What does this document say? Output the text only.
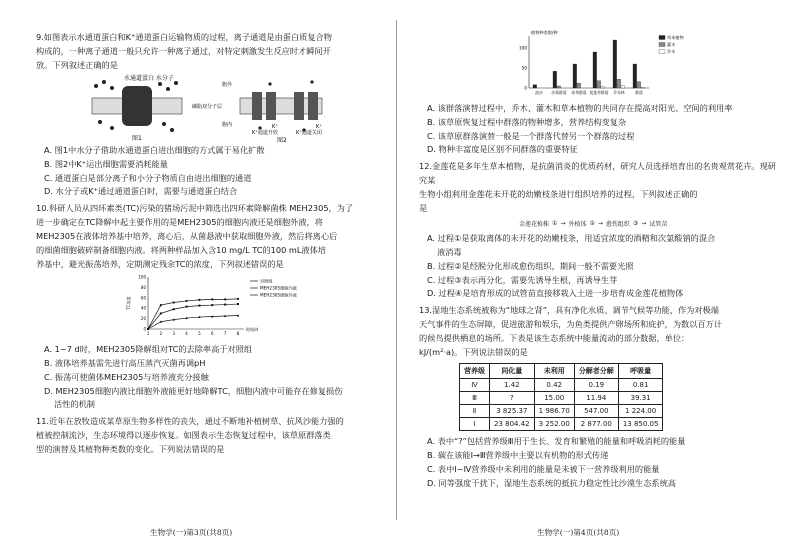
9.如图表示水通道蛋白和K⁺通道蛋白运输物质的过程，离子通道是由蛋白质复合物
构成的，一种离子通道一般只允许一种离子通过，对特定刺激发生反应时才瞬间开
放。下列叙述正确的是
水通道蛋白 水分子
图1
磷脂双分子层
胞外
胞内
K⁺通道开放	K⁺通道关闭
K⁺	K⁺
图2
A. 图1中水分子借助水通道蛋白进出细胞的方式属于易化扩散
B. 图2中K⁺运出细胞需要消耗能量
C. 通道蛋白是部分离子和小分子物质自由进出细胞的通道
D. 水分子或K⁺通过通道蛋白时，需要与通道蛋白结合
10.科研人员从四环素类(TC)污染的猪场污泥中筛选出四环素降解菌株 MEH2305，为了
进一步确定在TC降解中起主要作用的是MEH2305的细胞内液还是细胞外液，将
MEH2305在液体培养基中培养，离心后，从菌悬液中获取细胞外液，然后将离心后
的细菌细胞破碎制备细胞内液。将两种样品加入含10 mg/L TC的100 mL液体培
养基中，避光振荡培养，定期测定残余TC的浓度，下列叙述错误的是
0
20
40
60
80
100
1	2	3	4	5	6	7	8
时间/d
TC浓度
对照组
MEH2305细胞内液
MEH2305细胞外液
A. 1~7 d时，MEH2305降解组对TC的去除率高于对照组
B. 液体培养基需先进行高压蒸汽灭菌再调pH
C. 振荡可使菌体MEH2305与培养液充分接触
D. MEH2305细胞内液比细胞外液能更好地降解TC，细胞内液中可能存在修复损伤
活性的机制
11.近年在放牧造成某草原生物多样性的丧失，通过不断地补植树草、抗风沙能力强的
植被控制流沙，生态环境得以逐步恢复。如图表示生态恢复过程中，该草原群落类
型的演替及其植物种类数的变化。下列说法错误的是
生物学(一)第3页(共8页)
植物种类数/种
0
50
100
流沙 沙蒿群落 冰草群落 芨芨草群落 乔木林	群落
草本植物
灌木
乔木
A. 该群落演替过程中，乔木、灌木和草本植物的共同存在提高对阳光、空间的利用率
B. 该草原恢复过程中群落的物种增多，营养结构变复杂
C. 该草原群落演替一般是一个群落代替另一个群落的过程
D. 物种丰富度是区别不同群落的重要特征
12.金莲花是多年生草本植物，是抗菌消炎的优质药材，研究人员选择培育出的名贵观赏花卉。现研究某
生物小组利用金莲花未开花的幼嫩枝条进行组织培养的过程，下列叙述正确的
是
金莲花植株 ① → 外植体 ② → 愈伤组织 ③ → 试管苗
A. 过程①是获取离体的未开花的幼嫩枝条，用适宜浓度的酒精和次氯酸钠的混合
液消毒
B. 过程②是经脱分化形成愈伤组织，期间一般不需要光照
C. 过程③表示再分化，需要先诱导生根，再诱导生芽
D. 过程④是培育形成的试管苗直接移栽入土进一步培育成金莲花植物体
13.湿地生态系统被称为“地球之肾”，具有净化水质、调节气候等功能，作为对极端
天气事件的生态屏障，促进旅游和娱乐，为鱼类提供产卵场所和庇护，为数以百万计
的候鸟提供栖息的场所。下表是该生态系统中能量流动的部分数据，单位：
kJ/(m²·a)。下列说法错误的是
营养级	同化量	未利用	分解者分解	呼吸量
Ⅳ	1.42	0.42	0.19	0.81
Ⅲ	?	15.00	11.94	39.31
Ⅱ	3 825.37	1 986.70	547.00	1 224.00
Ⅰ	23 804.42	3 252.00	2 877.00	13 850.05
A. 表中“?”包括营养级Ⅲ用于生长、发育和繁殖的能量和呼吸消耗的能量
B. 碳在该能Ⅰ→Ⅲ营养级中主要以有机物的形式传递
C. 表中Ⅰ~Ⅳ营养级中未利用的能量是未被下一营养级利用的能量
D. 同等强度干扰下，湿地生态系统的抵抗力稳定性比沙漠生态系统高
生物学(一)第4页(共8页)
